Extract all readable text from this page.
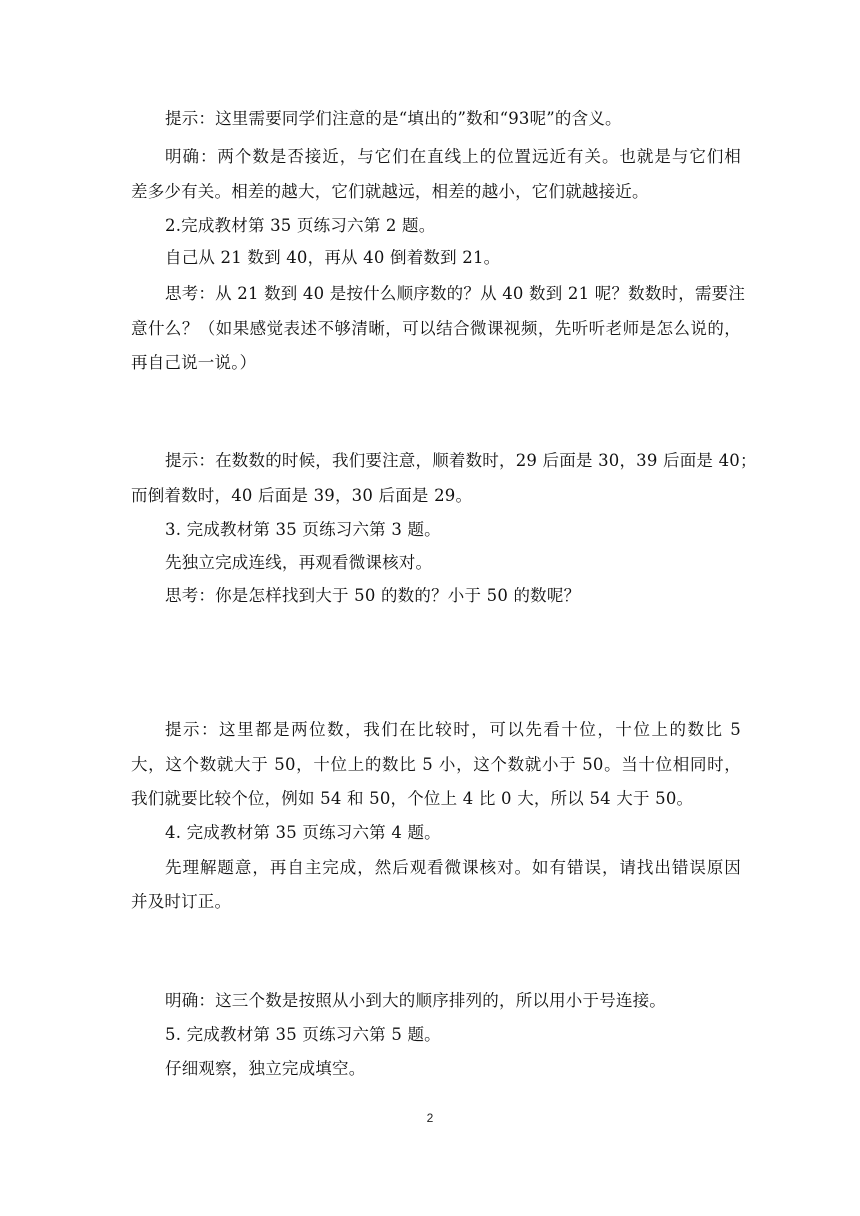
提示：这里需要同学们注意的是“填出的”数和“93呢”的含义。
明确：两个数是否接近，与它们在直线上的位置远近有关。也就是与它们相
差多少有关。相差的越大，它们就越远，相差的越小，它们就越接近。
2.完成教材第 35 页练习六第 2 题。
自己从 21 数到 40，再从 40 倒着数到 21。
思考：从 21 数到 40 是按什么顺序数的？从 40 数到 21 呢？数数时，需要注
意什么？（如果感觉表述不够清晰，可以结合微课视频，先听听老师是怎么说的，
再自己说一说。）
提示：在数数的时候，我们要注意，顺着数时，29 后面是 30，39 后面是 40；
而倒着数时，40 后面是 39，30 后面是 29。
3. 完成教材第 35 页练习六第 3 题。
先独立完成连线，再观看微课核对。
思考：你是怎样找到大于 50 的数的？小于 50 的数呢？
提示：这里都是两位数，我们在比较时，可以先看十位，十位上的数比 5
大，这个数就大于 50，十位上的数比 5 小，这个数就小于 50。当十位相同时，
我们就要比较个位，例如 54 和 50，个位上 4 比 0 大，所以 54 大于 50。
4. 完成教材第 35 页练习六第 4 题。
先理解题意，再自主完成，然后观看微课核对。如有错误，请找出错误原因
并及时订正。
明确：这三个数是按照从小到大的顺序排列的，所以用小于号连接。
5. 完成教材第 35 页练习六第 5 题。
仔细观察，独立完成填空。
2
